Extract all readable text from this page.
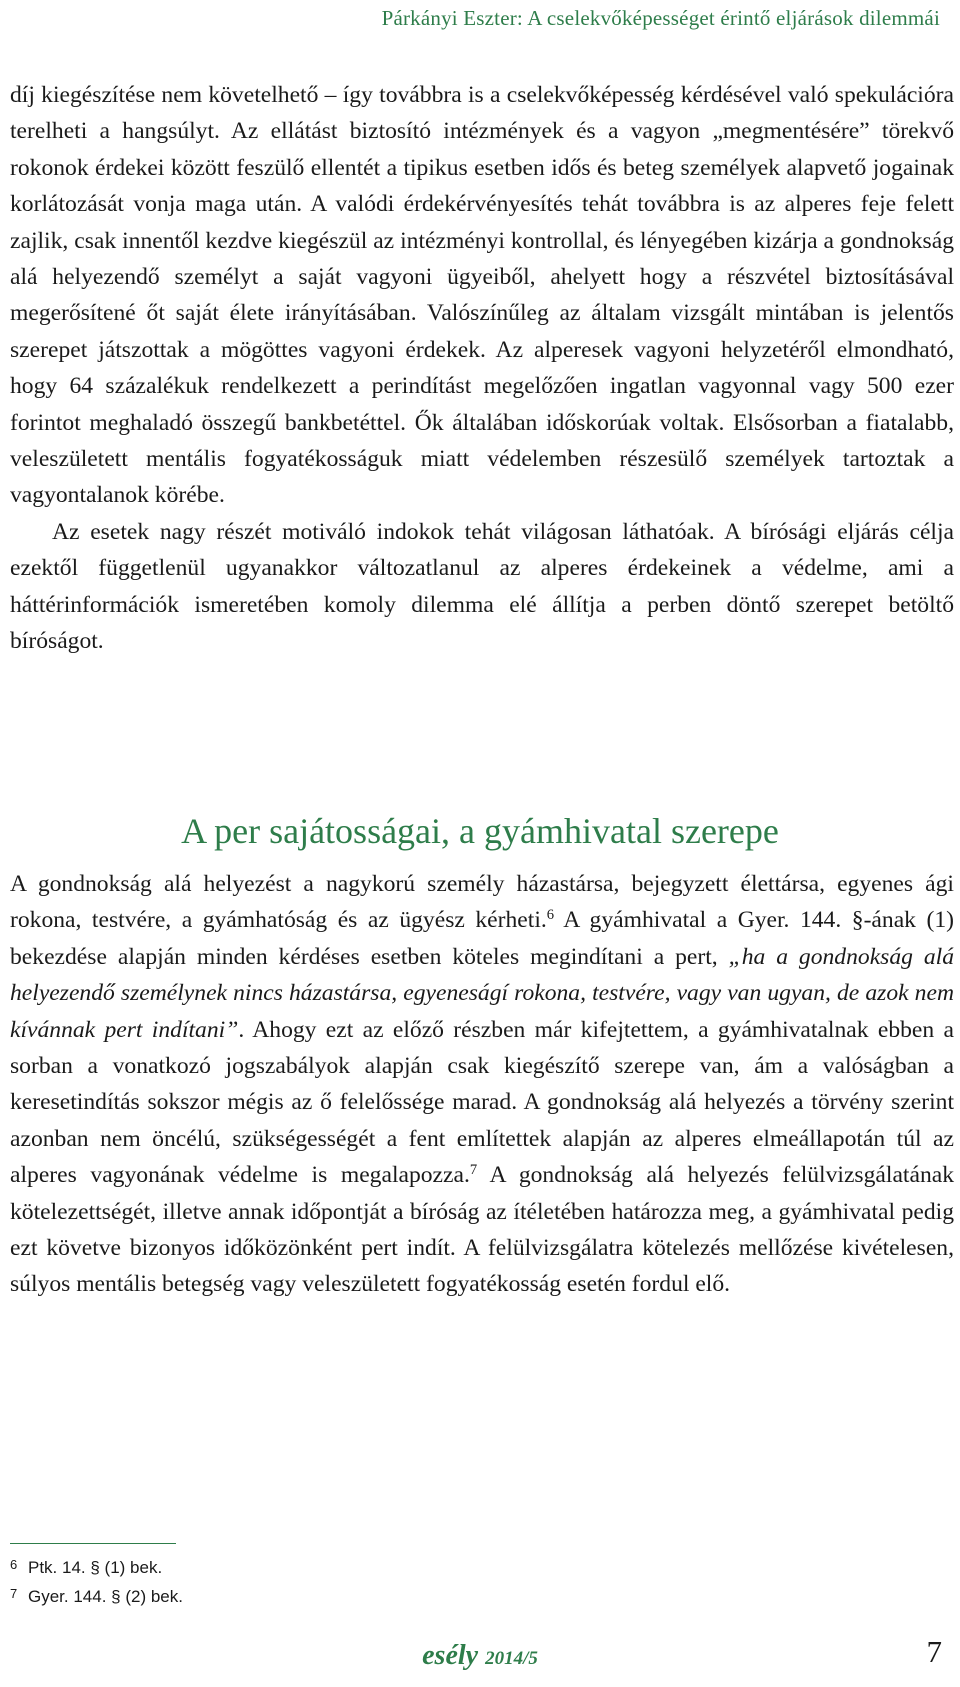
Párkányi Eszter: A cselekvőképességet érintő eljárások dilemmái

díj kiegészítése nem követelhető – így továbbra is a cselekvőképesség kérdésével való spekulációra terelheti a hangsúlyt. Az ellátást biztosító intézmények és a vagyon „megmentésére” törekvő rokonok érdekei között feszülő ellentét a tipikus esetben idős és beteg személyek alapvető jogainak korlátozását vonja maga után. A valódi érdekérvényesítés tehát továbbra is az alperes feje felett zajlik, csak innentől kezdve kiegészül az intézményi kontrollal, és lényegében kizárja a gondnokság alá helyezendő személyt a saját vagyoni ügyeiből, ahelyett hogy a részvétel biztosításával megerősítené őt saját élete irányításában. Valószínűleg az általam vizsgált mintában is jelentős szerepet játszottak a mögöttes vagyoni érdekek. Az alperesek vagyoni helyzetéről elmondható, hogy 64 százalékuk rendelkezett a perindítást megelőzően ingatlan vagyonnal vagy 500 ezer forintot meghaladó összegű bankbetéttel. Ők általában időskorúak voltak. Elsősorban a fiatalabb, veleszületett mentális fogyatékosságuk miatt védelemben részesülő személyek tartoztak a vagyontalanok körébe.

Az esetek nagy részét motiváló indokok tehát világosan láthatóak. A bírósági eljárás célja ezektől függetlenül ugyanakkor változatlanul az alperes érdekeinek a védelme, ami a háttérinformációk ismeretében komoly dilemma elé állítja a perben döntő szerepet betöltő bíróságot.

A per sajátosságai, a gyámhivatal szerepe

A gondnokság alá helyezést a nagykorú személy házastársa, bejegyzett élettársa, egyenes ági rokona, testvére, a gyámhatóság és az ügyész kérheti.$^6$ A gyámhivatal a Gyer. 144. §-ának (1) bekezdése alapján minden kérdéses esetben köteles megindítani a pert, „ha a gondnokság alá helyezendő személynek nincs házastársa, egyeneságí rokona, testvére, vagy van ugyan, de azok nem kívánnak pert indítani”. Ahogy ezt az előző részben már kifejtettem, a gyámhivatalnak ebben a sorban a vonatkozó jogszabályok alapján csak kiegészítő szerepe van, ám a valóságban a keresetindítás sokszor mégis az ő felelőssége marad. A gondnokság alá helyezés a törvény szerint azonban nem öncélú, szükségességét a fent említettek alapján az alperes elmeállapotán túl az alperes vagyonának védelme is megalapozza.$^7$ A gondnokság alá helyezés felülvizsgálatának kötelezettségét, illetve annak időpontját a bíróság az ítéletében határozza meg, a gyámhivatal pedig ezt követve bizonyos időközönként pert indít. A felülvizsgálatra kötelezés mellőzése kivételesen, súlyos mentális betegség vagy veleszületett fogyatékosság esetén fordul elő.

6 Ptk. 14. § (1) bek.
7 Gyer. 144. § (2) bek.
esély 2014/5	7
